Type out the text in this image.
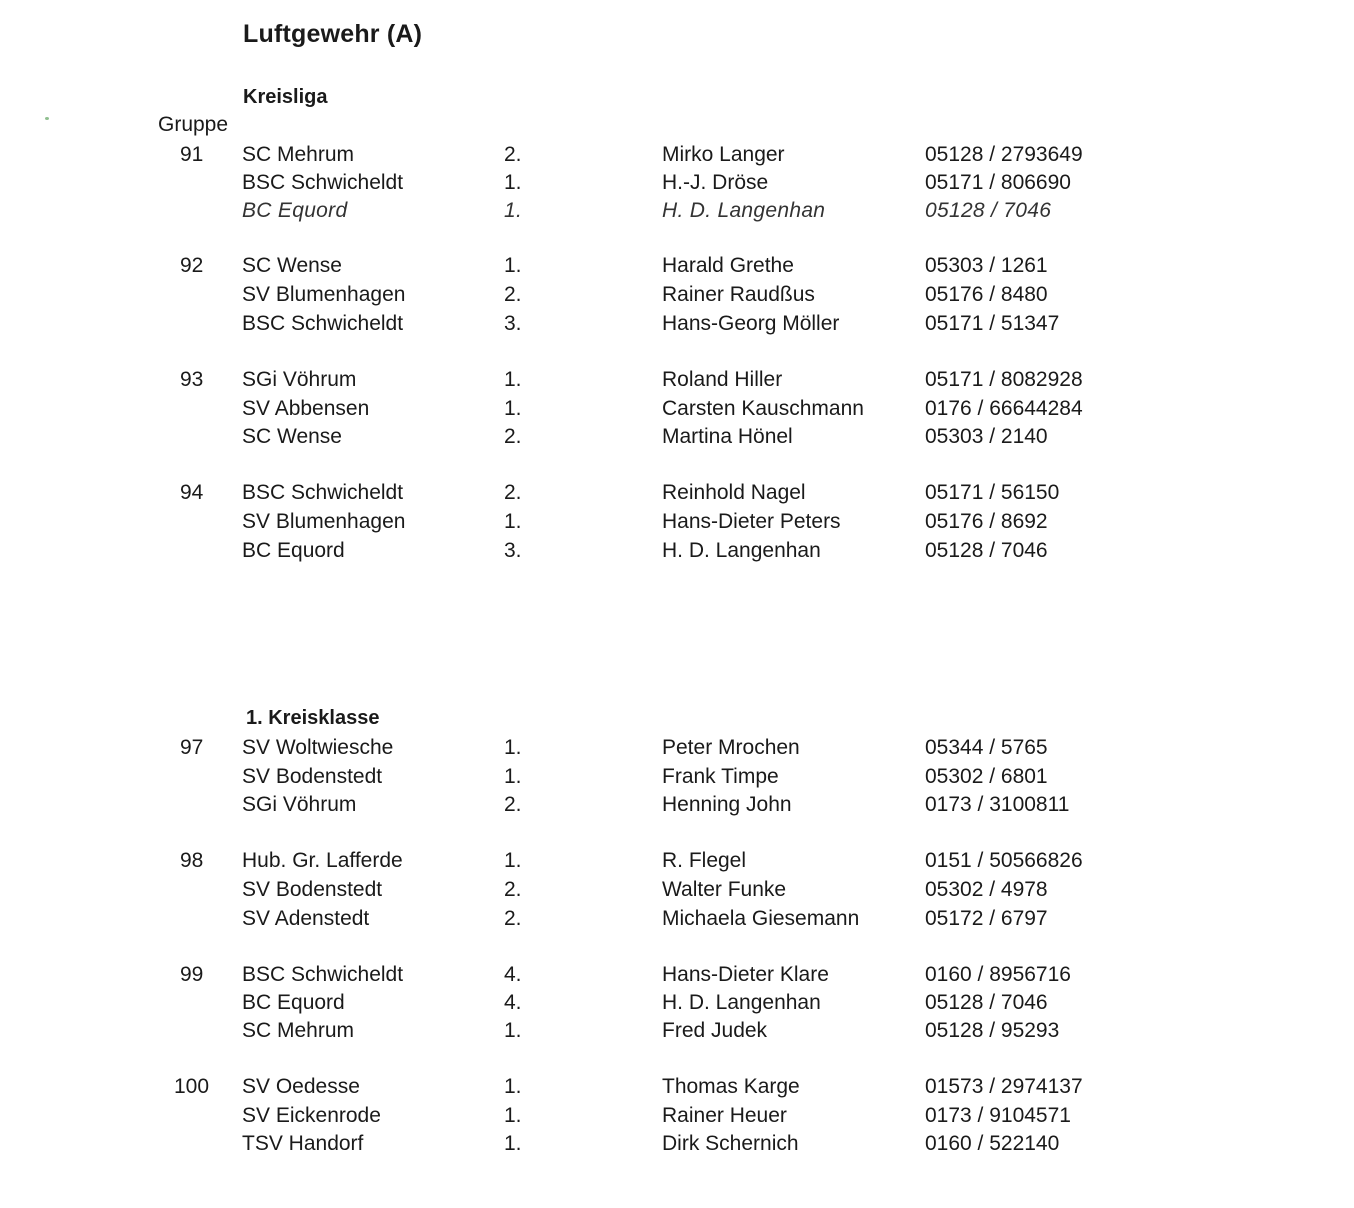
Luftgewehr (A)
Kreisliga
Gruppe
91 SC Mehrum	2.	Mirko Langer	05128 / 2793649
BSC Schwicheldt	1.	H.-J. Dröse	05171 / 806690
BC Equord	1.	H. D. Langenhan	05128 / 7046
92 SC Wense	1.	Harald Grethe	05303 / 1261
SV Blumenhagen	2.	Rainer Raudßus	05176 / 8480
BSC Schwicheldt	3.	Hans-Georg Möller	05171 / 51347
93 SGi Vöhrum	1.	Roland Hiller	05171 / 8082928
SV Abbensen	1.	Carsten Kauschmann	0176 / 66644284
SC Wense	2.	Martina Hönel	05303 / 2140
94 BSC Schwicheldt	2.	Reinhold Nagel	05171 / 56150
SV Blumenhagen	1.	Hans-Dieter Peters	05176 / 8692
BC Equord	3.	H. D. Langenhan	05128 / 7046
1. Kreisklasse
97 SV Woltwiesche	1.	Peter Mrochen	05344 / 5765
SV Bodenstedt	1.	Frank Timpe	05302 / 6801
SGi Vöhrum	2.	Henning John	0173 / 3100811
98 Hub. Gr. Lafferde	1.	R. Flegel	0151 / 50566826
SV Bodenstedt	2.	Walter Funke	05302 / 4978
SV Adenstedt	2.	Michaela Giesemann	05172 / 6797
99 BSC Schwicheldt	4.	Hans-Dieter Klare	0160 / 8956716
BC Equord	4.	H. D. Langenhan	05128 / 7046
SC Mehrum	1.	Fred Judek	05128 / 95293
100 SV Oedesse	1.	Thomas Karge	01573 / 2974137
SV Eickenrode	1.	Rainer Heuer	0173 / 9104571
TSV Handorf	1.	Dirk Schernich	0160 / 522140
